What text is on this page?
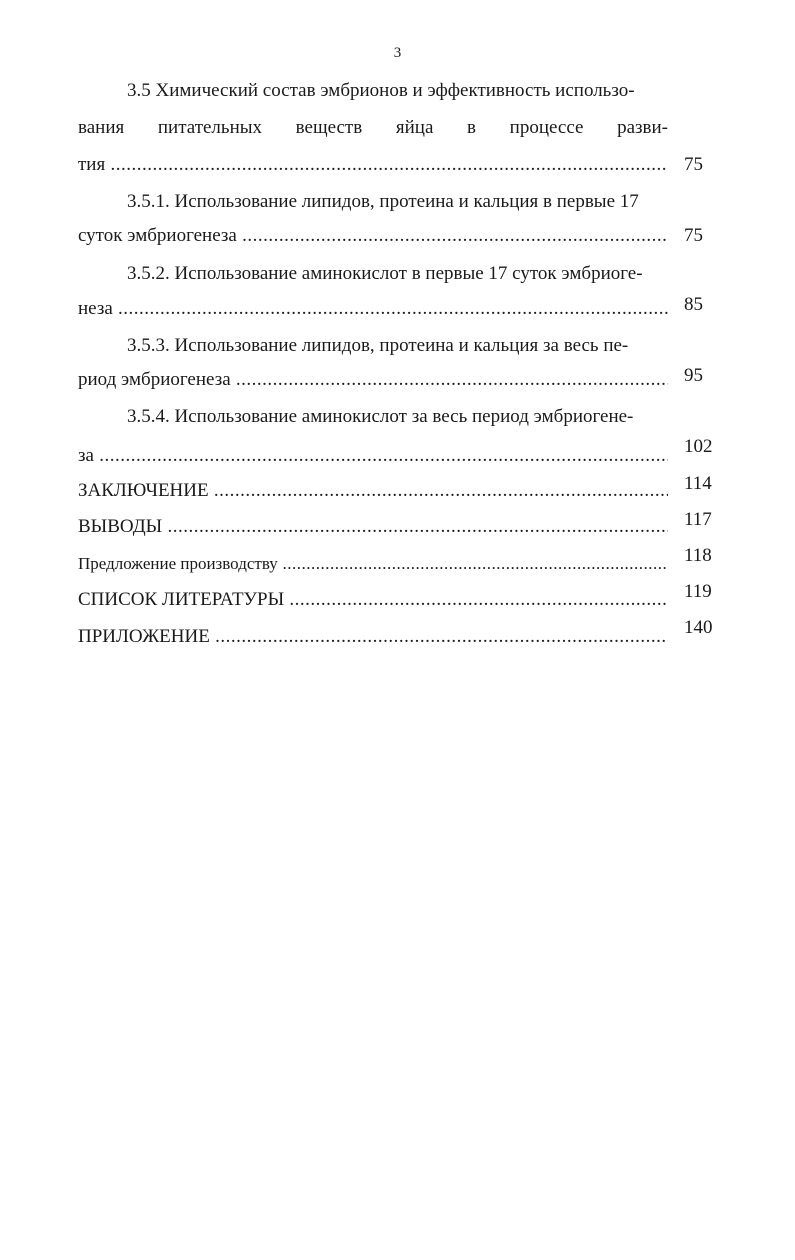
3
3.5 Химический состав эмбрионов и эффективность использо-
вания питательных веществ яйца в процессе разви-
тия .....	75
3.5.1. Использование липидов, протеина и кальция в первые 17
суток эмбриогенеза .....	75
3.5.2. Использование аминокислот в первые 17 суток эмбриоге-
неза .....	85
3.5.3. Использование липидов, протеина и кальция за весь пе-
риод эмбриогенеза .....	95
3.5.4. Использование аминокислот за весь период эмбриогене-
за .....	102
ЗАКЛЮЧЕНИЕ .....	114
ВЫВОДЫ .....	117
Предложение производству .....	118
СПИСОК ЛИТЕРАТУРЫ .....	119
ПРИЛОЖЕНИЕ .....	140
